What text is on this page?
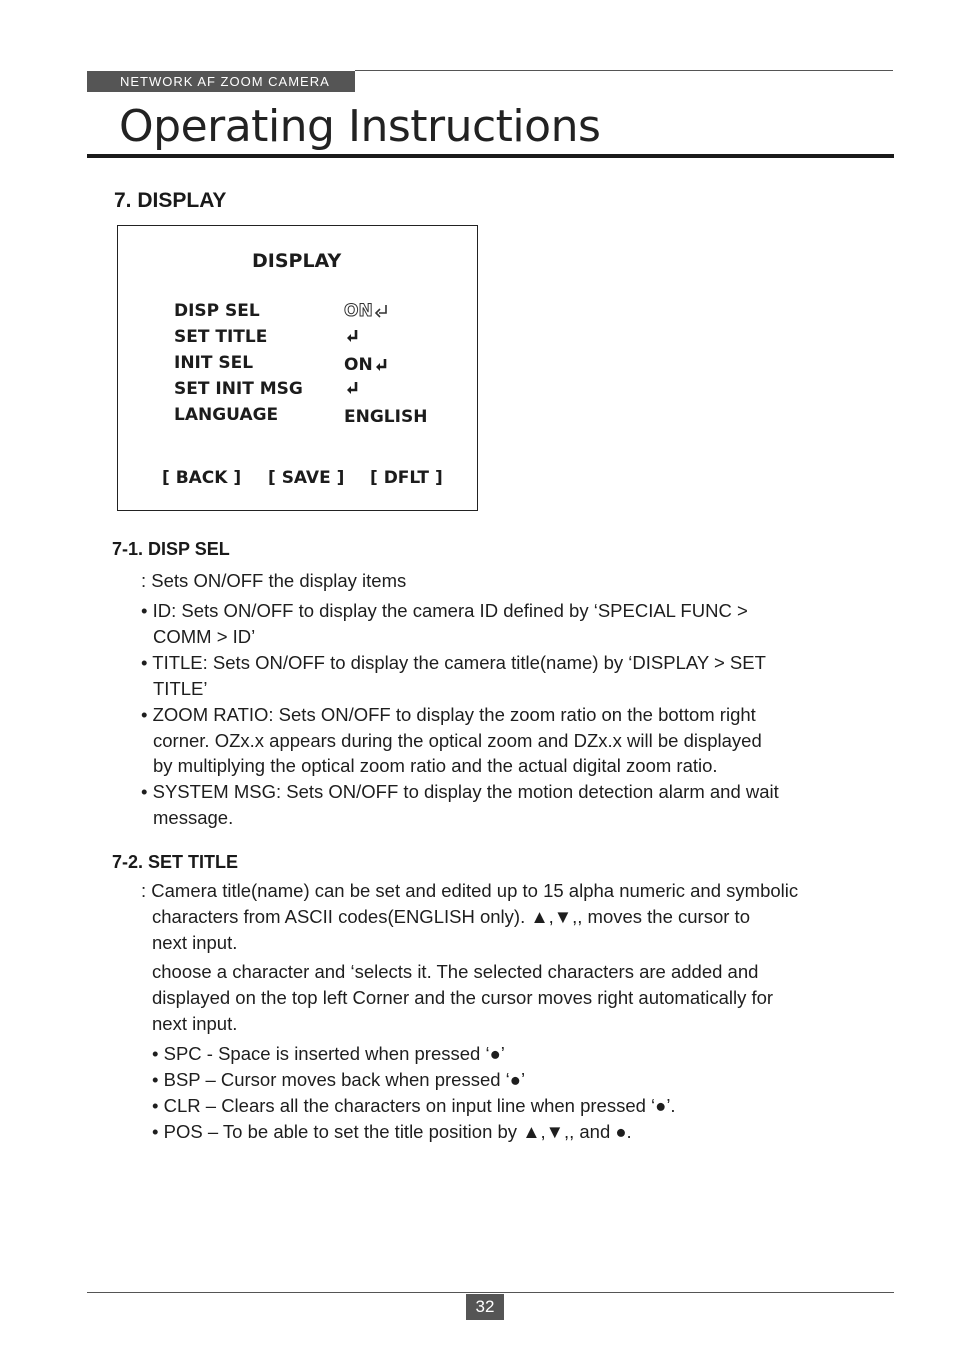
NETWORK AF ZOOM CAMERA
Operating Instructions
7. DISPLAY
DISPLAY
DISP SEL
SET TITLE
INIT SEL
SET INIT MSG
LANGUAGE
ON
ON
ENGLISH
[ BACK ] [ SAVE ] [ DFLT ]
7-1. DISP SEL
: Sets ON/OFF the display items
• ID: Sets ON/OFF to display the camera ID defined by ‘SPECIAL FUNC >
COMM > ID’
• TITLE: Sets ON/OFF to display the camera title(name) by ‘DISPLAY > SET
TITLE’
• ZOOM RATIO: Sets ON/OFF to display the zoom ratio on the bottom right
corner. OZx.x appears during the optical zoom and DZx.x will be displayed
by multiplying the optical zoom ratio and the actual digital zoom ratio.
• SYSTEM MSG: Sets ON/OFF to display the motion detection alarm and wait
message.
7-2. SET TITLE
: Camera title(name) can be set and edited up to 15 alpha numeric and symbolic
characters from ASCII codes(ENGLISH only). ▲,▼,, moves the cursor to
next input.
choose a character and ‘selects it. The selected characters are added and
displayed on the top left Corner and the cursor moves right automatically for
next input.
• SPC - Space is inserted when pressed ‘●’
• BSP – Cursor moves back when pressed ‘●’
• CLR – Clears all the characters on input line when pressed ‘●’.
• POS – To be able to set the title position by ▲,▼,, and ●.
32
